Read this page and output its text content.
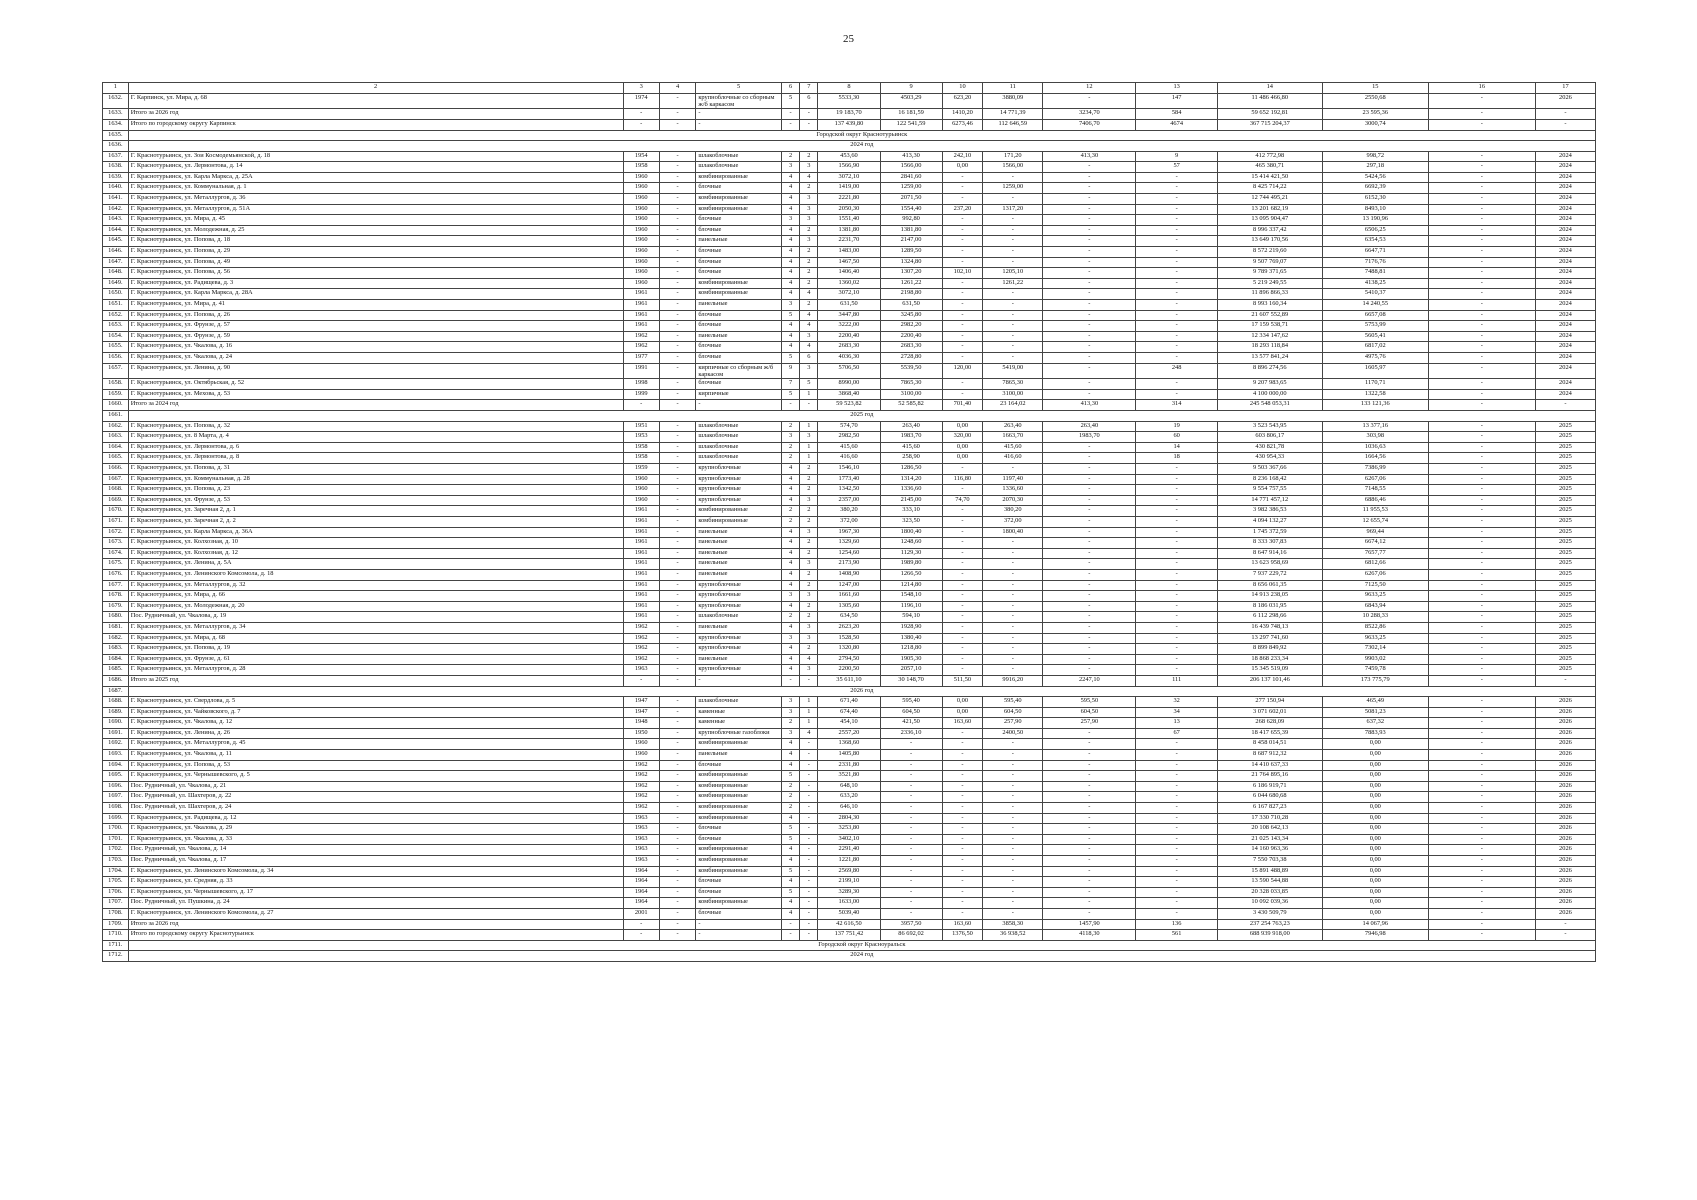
25
1	2	3	4	5	6	7	8	9	10	11	12	13	14	15	16	17
1632.	Г. Карпинск, ул. Мира, д. 68	1974	-	крупноблочные со сборным ж/б каркасом	5	6	5533,30	4503,29	623,20	3880,09	-	147	11 486 466,80	2550,68	-	2026
1633.	Итого за 2026 год	-	-	-	-	-	19 183,70	16 181,59	1410,20	14 771,39	3234,70	584	59 652 192,81	23 595,36	-	-
1634.	Итого по городскому округу Карпинск	-	-	-	-	-	137 439,80	122 541,59	6273,46	112 646,59	7406,70	4674	367 715 204,37	3000,74	-	-
1635.	Городской округ Краснотурьинск															
1636.	2024 год															
1637.	Г. Краснотурьинск, ул. Зои Космодемьянской, д. 18	1954	-	шлакоблочные	2	2	453,60	413,30	242,10	171,20	413,30	9	412 772,98	998,72	-	2024
1638.	Г. Краснотурьинск, ул. Лермонтова, д. 14	1958	-	шлакоблочные	3	3	1566,90	1566,00	0,00	1566,00	-	57	465 380,71	297,18	-	2024
1639.	Г. Краснотурьинск, ул. Карла Маркса, д. 25А	1960	-	комбинированные	4	4	3072,10	2841,60	-	-	-	-	15 414 421,50	5424,56	-	2024
1640.	Г. Краснотурьинск, ул. Коммунальная, д. 1	1960	-	блочные	4	2	1419,00	1259,00	-	1259,00	-	-	8 425 714,22	6692,39	-	2024
1641.	Г. Краснотурьинск, ул. Металлургов, д. 36	1960	-	комбинированные	4	3	2221,80	2071,50	-	-	-	-	12 744 495,21	6152,30	-	2024
1642.	Г. Краснотурьинск, ул. Металлургов, д. 51А	1960	-	комбинированные	4	3	2050,30	1554,40	237,20	1317,20	-	-	13 201 682,19	8493,10	-	2024
1643.	Г. Краснотурьинск, ул. Мира, д. 45	1960	-	блочные	3	3	1551,40	992,80	-	-	-	-	13 095 904,47	13 190,96	-	2024
1644.	Г. Краснотурьинск, ул. Молодежная, д. 25	1960	-	блочные	4	2	1381,80	1381,80	-	-	-	-	8 996 337,42	6506,25	-	2024
1645.	Г. Краснотурьинск, ул. Попова, д. 18	1960	-	панельные	4	3	2231,70	2147,00	-	-	-	-	13 649 170,56	6354,53	-	2024
1646.	Г. Краснотурьинск, ул. Попова, д. 29	1960	-	блочные	4	2	1483,00	1289,50	-	-	-	-	8 572 219,60	6647,71	-	2024
1647.	Г. Краснотурьинск, ул. Попова, д. 49	1960	-	блочные	4	2	1467,50	1324,80	-	-	-	-	9 507 769,07	7176,76	-	2024
1648.	Г. Краснотурьинск, ул. Попова, д. 56	1960	-	блочные	4	2	1406,40	1307,20	102,10	1205,10	-	-	9 789 371,65	7488,81	-	2024
1649.	Г. Краснотурьинск, ул. Радищева, д. 3	1960	-	комбинированные	4	2	1360,02	1261,22	-	1261,22	-	-	5 219 249,55	4138,25	-	2024
1650.	Г. Краснотурьинск, ул. Карла Маркса, д. 28А	1961	-	комбинированные	4	4	3072,10	2198,80	-	-	-	-	11 896 866,33	5410,37	-	2024
1651.	Г. Краснотурьинск, ул. Мира, д. 41	1961	-	панельные	3	2	631,50	631,50	-	-	-	-	8 993 160,34	14 240,55	-	2024
1652.	Г. Краснотурьинск, ул. Попова, д. 26	1961	-	блочные	5	4	3447,80	3245,80	-	-	-	-	21 607 552,89	6657,08	-	2024
1653.	Г. Краснотурьинск, ул. Фрунзе, д. 57	1961	-	блочные	4	4	3222,00	2982,20	-	-	-	-	17 159 538,71	5753,99	-	2024
1654.	Г. Краснотурьинск, ул. Фрунзе, д. 59	1962	-	панельные	4	3	2200,40	2200,40	-	-	-	-	12 334 147,62	5605,41	-	2024
1655.	Г. Краснотурьинск, ул. Чкалова, д. 16	1962	-	блочные	4	4	2683,30	2683,30	-	-	-	-	18 293 118,84	6817,02	-	2024
1656.	Г. Краснотурьинск, ул. Чкалова, д. 24	1977	-	блочные	5	6	4036,30	2728,80	-	-	-	-	13 577 841,24	4975,76	-	2024
1657.	Г. Краснотурьинск, ул. Ленина, д. 90	1991	-	кирпичные со сборным ж/б каркасом	9	3	5706,50	5539,50	120,00	5419,00	-	248	8 896 274,56	1605,97	-	2024
1658.	Г. Краснотурьинск, ул. Октябрьская, д. 52	1998	-	блочные	7	5	8990,00	7865,30	-	7865,30	-	-	9 207 983,65	1170,71	-	2024
1659.	Г. Краснотурьинск, ул. Мехова, д. 53	1999	-	кирпичные	5	1	3868,40	3100,00	-	3100,00	-	-	4 100 000,00	1322,58	-	2024
1660.	Итого за 2024 год	-	-	-	-	-	59 523,82	52 585,82	701,40	23 164,02	413,30	314	245 548 053,31	133 121,36	-	-
1661.	2025 год															
1662.	Г. Краснотурьинск, ул. Попова, д. 32	1951	-	шлакоблочные	2	1	574,70	263,40	0,00	263,40	263,40	19	3 523 543,95	13 377,16	-	2025
1663.	Г. Краснотурьинск, ул. 8 Марта, д. 4	1953	-	шлакоблочные	3	3	2982,50	1983,70	320,00	1663,70	1983,70	60	603 806,17	303,98	-	2025
1664.	Г. Краснотурьинск, ул. Лермонтова, д. 6	1958	-	шлакоблочные	2	1	415,60	415,60	0,00	415,60	-	14	430 821,78	1036,63	-	2025
1665.	Г. Краснотурьинск, ул. Лермонтова, д. 8	1958	-	шлакоблочные	2	1	416,60	258,90	0,00	416,60	-	18	430 954,33	1664,56	-	2025
1666.	Г. Краснотурьинск, ул. Попова, д. 31	1959	-	крупноблочные	4	2	1546,10	1286,50	-	-	-	-	9 503 367,66	7386,99	-	2025
1667.	Г. Краснотурьинск, ул. Коммунальная, д. 28	1960	-	крупноблочные	4	2	1773,40	1314,20	116,80	1197,40	-	-	8 236 168,42	6267,06	-	2025
1668.	Г. Краснотурьинск, ул. Попова, д. 23	1960	-	крупноблочные	4	2	1342,50	1336,60	-	1336,60	-	-	9 554 757,55	7148,55	-	2025
1669.	Г. Краснотурьинск, ул. Фрунзе, д. 53	1960	-	крупноблочные	4	3	2357,00	2145,00	74,70	2070,30	-	-	14 771 457,12	6886,46	-	2025
1670.	Г. Краснотурьинск, ул. Заречная 2, д. 1	1961	-	комбинированные	2	2	380,20	333,10	-	380,20	-	-	3 982 386,53	11 955,53	-	2025
1671.	Г. Краснотурьинск, ул. Заречная 2, д. 2	1961	-	комбинированные	2	2	372,00	323,50	-	372,00	-	-	4 094 132,27	12 655,74	-	2025
1672.	Г. Краснотурьинск, ул. Карла Маркса, д. 36А	1961	-	панельные	4	3	1967,30	1800,40	-	1800,40	-	-	1 745 372,59	969,44	-	2025
1673.	Г. Краснотурьинск, ул. Колхозная, д. 10	1961	-	панельные	4	2	1329,60	1248,60	-	-	-	-	8 333 307,83	6674,12	-	2025
1674.	Г. Краснотурьинск, ул. Колхозная, д. 12	1961	-	панельные	4	2	1254,60	1129,30	-	-	-	-	8 647 914,16	7657,77	-	2025
1675.	Г. Краснотурьинск, ул. Ленина, д. 5А	1961	-	панельные	4	3	2173,90	1989,80	-	-	-	-	13 623 958,69	6812,66	-	2025
1676.	Г. Краснотурьинск, ул. Ленинского Комсомола, д. 18	1961	-	панельные	4	2	1408,90	1266,50	-	-	-	-	7 937 229,72	6267,06	-	2025
1677.	Г. Краснотурьинск, ул. Металлургов, д. 32	1961	-	крупноблочные	4	2	1247,00	1214,80	-	-	-	-	8 656 061,35	7125,50	-	2025
1678.	Г. Краснотурьинск, ул. Мира, д. 66	1961	-	крупноблочные	3	3	1661,60	1548,10	-	-	-	-	14 913 238,05	9633,25	-	2025
1679.	Г. Краснотурьинск, ул. Молодежная, д. 20	1961	-	крупноблочные	4	2	1305,60	1196,10	-	-	-	-	8 186 031,95	6843,94	-	2025
1680.	Пос. Рудничный, ул. Чкалова, д. 19	1961	-	шлакоблочные	2	2	634,50	594,10	-	-	-	-	6 112 298,66	10 288,33	-	2025
1681.	Г. Краснотурьинск, ул. Металлургов, д. 34	1962	-	панельные	4	3	2623,20	1928,90	-	-	-	-	16 439 748,13	8522,86	-	2025
1682.	Г. Краснотурьинск, ул. Мира, д. 68	1962	-	крупноблочные	3	3	1528,50	1380,40	-	-	-	-	13 297 741,60	9633,25	-	2025
1683.	Г. Краснотурьинск, ул. Попова, д. 19	1962	-	крупноблочные	4	2	1320,80	1218,80	-	-	-	-	8 899 849,92	7302,14	-	2025
1684.	Г. Краснотурьинск, ул. Фрунзе, д. 61	1962	-	панельные	4	4	2794,50	1905,30	-	-	-	-	18 868 233,34	9903,02	-	2025
1685.	Г. Краснотурьинск, ул. Металлургов, д. 28	1963	-	крупноблочные	4	3	2200,50	2057,10	-	-	-	-	15 345 519,09	7459,78	-	2025
1686.	Итого за 2025 год	-	-	-	-	-	35 611,10	30 148,70	511,50	9916,20	2247,10	111	206 137 101,46	173 775,79	-	-
1687.	2026 год															
1688.	Г. Краснотурьинск, ул. Свердлова, д. 5	1947	-	шлакоблочные	3	1	671,40	595,40	0,00	595,40	595,50	32	277 150,94	465,49	-	2026
1689.	Г. Краснотурьинск, ул. Чайковского, д. 7	1947	-	каменные	3	1	674,40	604,50	0,00	604,50	604,50	34	3 071 602,01	5081,23	-	2026
1690.	Г. Краснотурьинск, ул. Чкалова, д. 12	1948	-	каменные	2	1	454,10	421,50	163,60	257,90	257,90	13	268 628,09	637,32	-	2026
1691.	Г. Краснотурьинск, ул. Ленина, д. 26	1950	-	крупноблочные газоблоки	3	4	2557,20	2336,10	-	2400,50	-	67	18 417 655,39	7883,93	-	2026
1692.	Г. Краснотурьинск, ул. Металлургов, д. 45	1960	-	комбинированные	4	-	1368,60	-	-	-	-	-	8 458 014,51	0,00	-	2026
1693.	Г. Краснотурьинск, ул. Чкалова, д. 11	1960	-	панельные	4	-	1405,80	-	-	-	-	-	8 687 912,32	0,00	-	2026
1694.	Г. Краснотурьинск, ул. Попова, д. 53	1962	-	блочные	4	-	2331,80	-	-	-	-	-	14 410 637,33	0,00	-	2026
1695.	Г. Краснотурьинск, ул. Чернышевского, д. 5	1962	-	комбинированные	5	-	3521,80	-	-	-	-	-	21 764 895,16	0,00	-	2026
1696.	Пос. Рудничный, ул. Чкалова, д. 21	1962	-	комбинированные	2	-	648,10	-	-	-	-	-	6 186 919,71	0,00	-	2026
1697.	Пос. Рудничный, ул. Шахтеров, д. 22	1962	-	комбинированные	2	-	633,20	-	-	-	-	-	6 044 680,68	0,00	-	2026
1698.	Пос. Рудничный, ул. Шахтеров, д. 24	1962	-	комбинированные	2	-	646,10	-	-	-	-	-	6 167 827,23	0,00	-	2026
1699.	Г. Краснотурьинск, ул. Радищева, д. 12	1963	-	комбинированные	4	-	2804,30	-	-	-	-	-	17 330 710,28	0,00	-	2026
1700.	Г. Краснотурьинск, ул. Чкалова, д. 29	1963	-	блочные	5	-	3253,80	-	-	-	-	-	20 108 642,13	0,00	-	2026
1701.	Г. Краснотурьинск, ул. Чкалова, д. 33	1963	-	блочные	5	-	3402,10	-	-	-	-	-	21 025 143,34	0,00	-	2026
1702.	Пос. Рудничный, ул. Чкалова, д. 14	1963	-	комбинированные	4	-	2291,40	-	-	-	-	-	14 160 963,36	0,00	-	2026
1703.	Пос. Рудничный, ул. Чкалова, д. 17	1963	-	комбинированные	4	-	1221,80	-	-	-	-	-	7 550 703,38	0,00	-	2026
1704.	Г. Краснотурьинск, ул. Ленинского Комсомола, д. 34	1964	-	комбинированные	5	-	2569,80	-	-	-	-	-	15 891 488,89	0,00	-	2026
1705.	Г. Краснотурьинск, ул. Средняя, д. 33	1964	-	блочные	4	-	2199,10	-	-	-	-	-	13 590 544,88	0,00	-	2026
1706.	Г. Краснотурьинск, ул. Чернышевского, д. 17	1964	-	блочные	5	-	3289,30	-	-	-	-	-	20 328 033,85	0,00	-	2026
1707.	Пос. Рудничный, ул. Пушкина, д. 24	1964	-	комбинированные	4	-	1633,00	-	-	-	-	-	10 092 039,36	0,00	-	2026
1708.	Г. Краснотурьинск, ул. Ленинского Комсомола, д. 27	2001	-	блочные	4	-	5039,40	-	-	-	-	-	3 430 509,79	0,00	-	2026
1709.	Итого за 2026 год	-	-	-	-	-	42 616,50	3957,50	163,60	3858,30	1457,90	136	237 254 763,23	14 067,96	-	-
1710.	Итого по городскому округу Краснотурьинск	-	-	-	-	-	137 751,42	86 692,02	1376,50	36 938,52	4118,30	561	688 939 918,00	7946,98	-	-
1711.	Городской округ Красноуральск															
1712.	2024 год															
